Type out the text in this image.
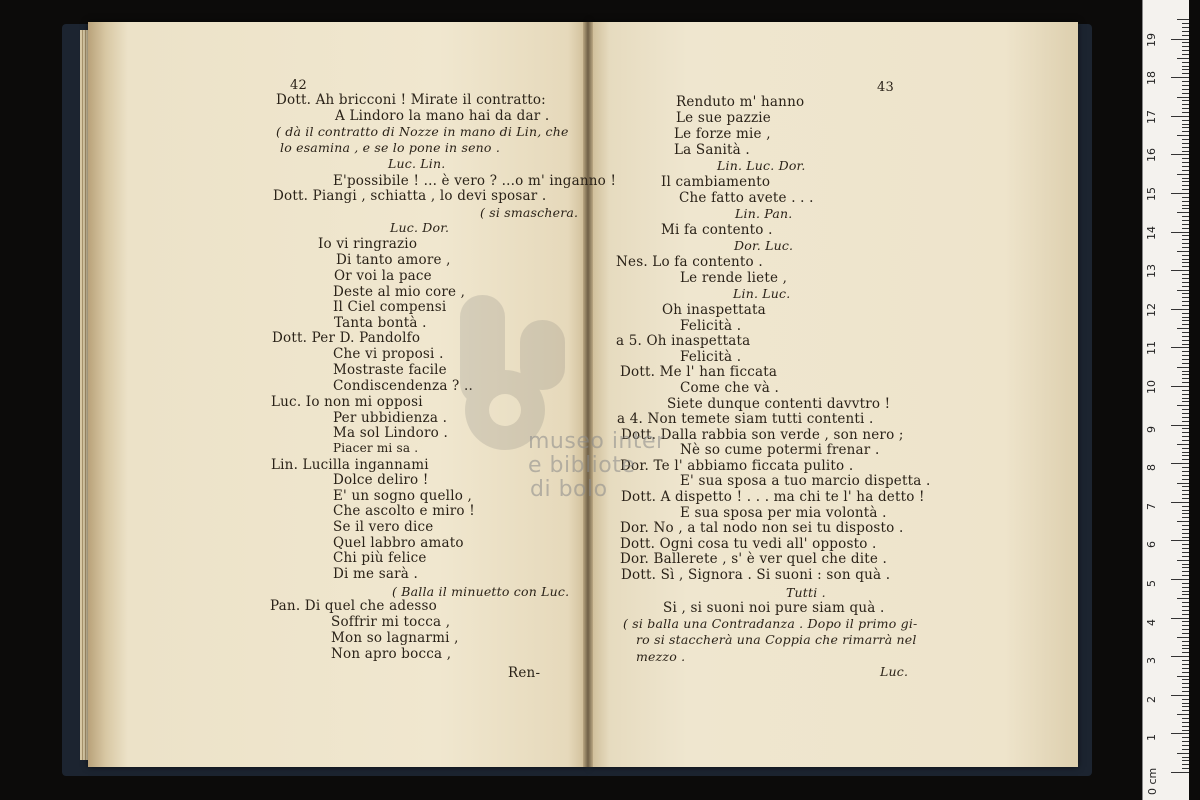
42
Dott. Ah bricconi ! Mirate il contratto:
A Lindoro la mano hai da dar .
( dà il contratto di Nozze in mano di Lin, che
lo esamina , e se lo pone in seno .
Luc. Lin.
E'possibile ! ... è vero ? ...o m' inganno !
Dott. Piangi , schiatta , lo devi sposar .
( si smaschera.
Luc. Dor.
Io vi ringrazio
Di tanto amore ,
Or voi la pace
Deste al mio core ,
Il Ciel compensi
Tanta bontà .
Dott. Per D. Pandolfo
Che vi proposi .
Mostraste facile
Condiscendenza ? ..
Luc. Io non mi opposi
Per ubbidienza .
Ma sol Lindoro .
Piacer mi sa .
Lin. Lucilla ingannami
Dolce deliro !
E' un sogno quello ,
Che ascolto e miro !
Se il vero dice
Quel labbro amato
Chi più felice
Di me sarà .
( Balla il minuetto con Luc.
Pan. Di quel che adesso
Soffrir mi tocca ,
Mon so lagnarmi ,
Non apro bocca ,
Ren-
43
Renduto m' hanno
Le sue pazzie
Le forze mie ,
La Sanità .
Lin. Luc. Dor.
Il cambiamento
Che fatto avete . . .
Lin. Pan.
Mi fa contento .
Dor. Luc.
Nes. Lo fa contento .
Le rende liete ,
Lin. Luc.
Oh inaspettata
Felicità .
a 5. Oh inaspettata
Felicità .
Dott. Me l' han ficcata
Come che và .
Siete dunque contenti davvtro !
a 4. Non temete siam tutti contenti .
Dott. Dalla rabbia son verde , son nero ;
Nè so cume potermi frenar .
Dor. Te l' abbiamo ficcata pulito .
E' sua sposa a tuo marcio dispetta .
Dott. A dispetto ! . . . ma chi te l' ha detto !
E sua sposa per mia volontà .
Dor. No , a tal nodo non sei tu disposto .
Dott. Ogni cosa tu vedi all' opposto .
Dor. Ballerete , s' è ver quel che dite .
Dott. Sì , Signora . Si suoni : son quà .
Tutti .
Si , si suoni noi pure siam quà .
( si balla una Contradanza . Dopo il primo gi-
ro si staccherà una Coppia che rimarrà nel
mezzo .
Luc.
museo inter
e bibliote
di bolo
0 cm
1
2
3
4
5
6
7
8
9
10
11
12
13
14
15
16
17
18
19
